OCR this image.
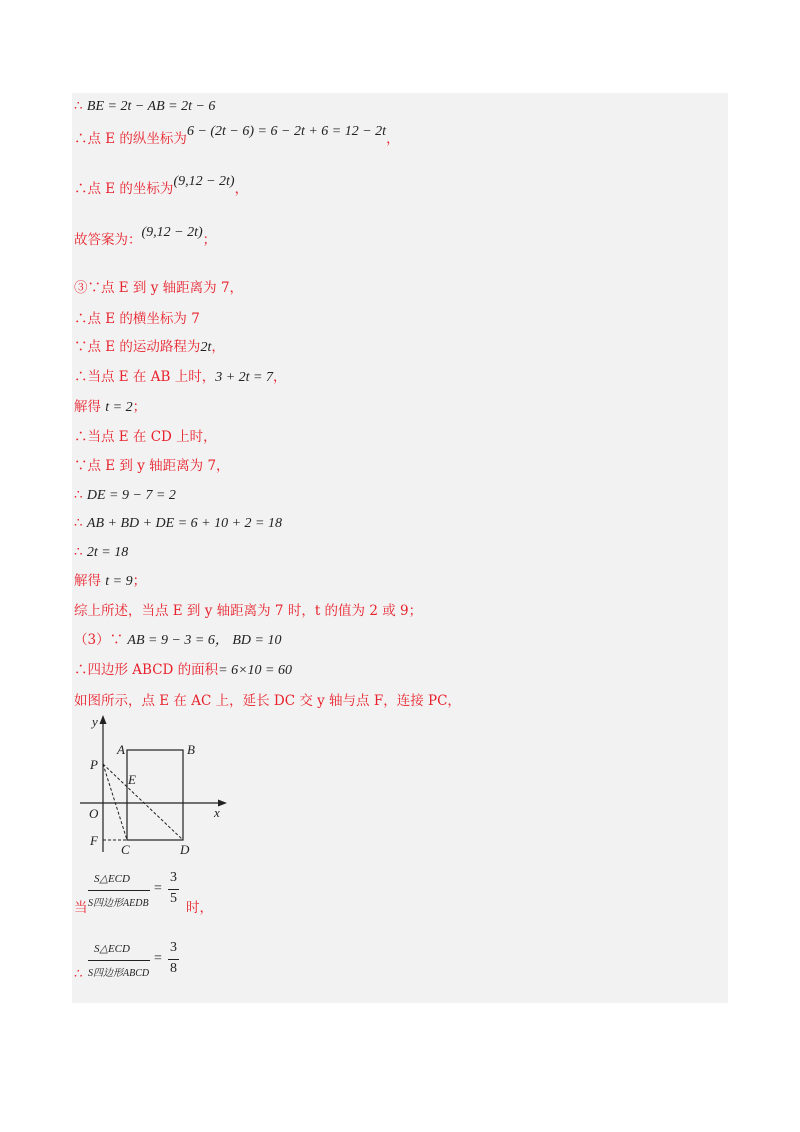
∴ BE = 2t − AB = 2t − 6
∴点 E 的纵坐标为6 − (2t − 6) = 6 − 2t + 6 = 12 − 2t，
∴点 E 的坐标为(9,12 − 2t)，
故答案为：(9,12 − 2t)；
③∵点 E 到 y 轴距离为 7，
∴点 E 的横坐标为 7
∵点 E 的运动路程为2t，
∴当点 E 在 AB 上时，3 + 2t = 7，
解得 t = 2；
∴当点 E 在 CD 上时，
∵点 E 到 y 轴距离为 7，
∴ DE = 9 − 7 = 2
∴ AB + BD + DE = 6 + 10 + 2 = 18
∴ 2t = 18
解得 t = 9；
综上所述，当点 E 到 y 轴距离为 7 时，t 的值为 2 或 9；
（3）∵ AB = 9 − 3 = 6， BD = 10
∴四边形 ABCD 的面积= 6×10 = 60
如图所示，点 E 在 AC 上，延长 DC 交 y 轴与点 F，连接 PC，
y
x
O
A	B
P
E
F
C	D
当
S△ECD
S四边形AEDB
=
3
5
时，
∴
S△ECD
S四边形ABCD
=
3
8
